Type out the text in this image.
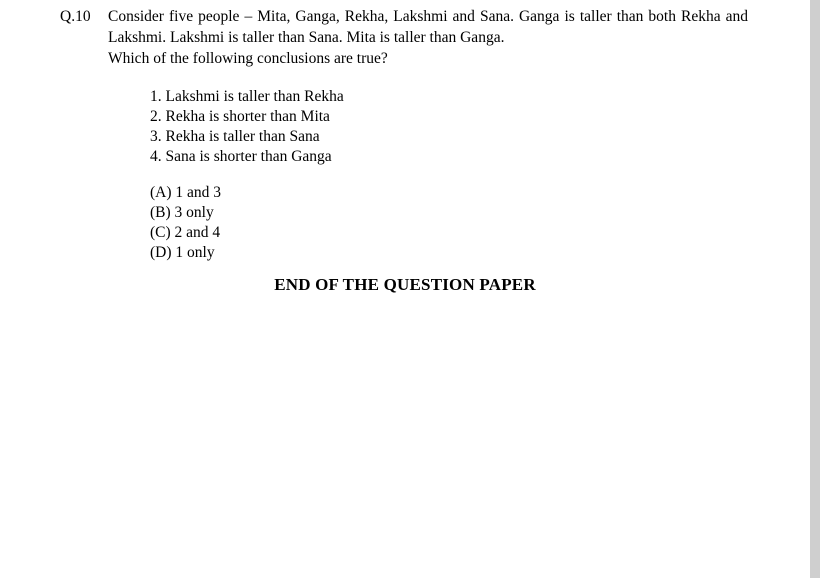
Q.10	Consider five people – Mita, Ganga, Rekha, Lakshmi and Sana. Ganga is taller than both Rekha and Lakshmi. Lakshmi is taller than Sana. Mita is taller than Ganga.
Which of the following conclusions are true?
1. Lakshmi is taller than Rekha
2. Rekha is shorter than Mita
3. Rekha is taller than Sana
4. Sana is shorter than Ganga
(A) 1 and 3
(B) 3 only
(C) 2 and 4
(D) 1 only
END OF THE QUESTION PAPER
